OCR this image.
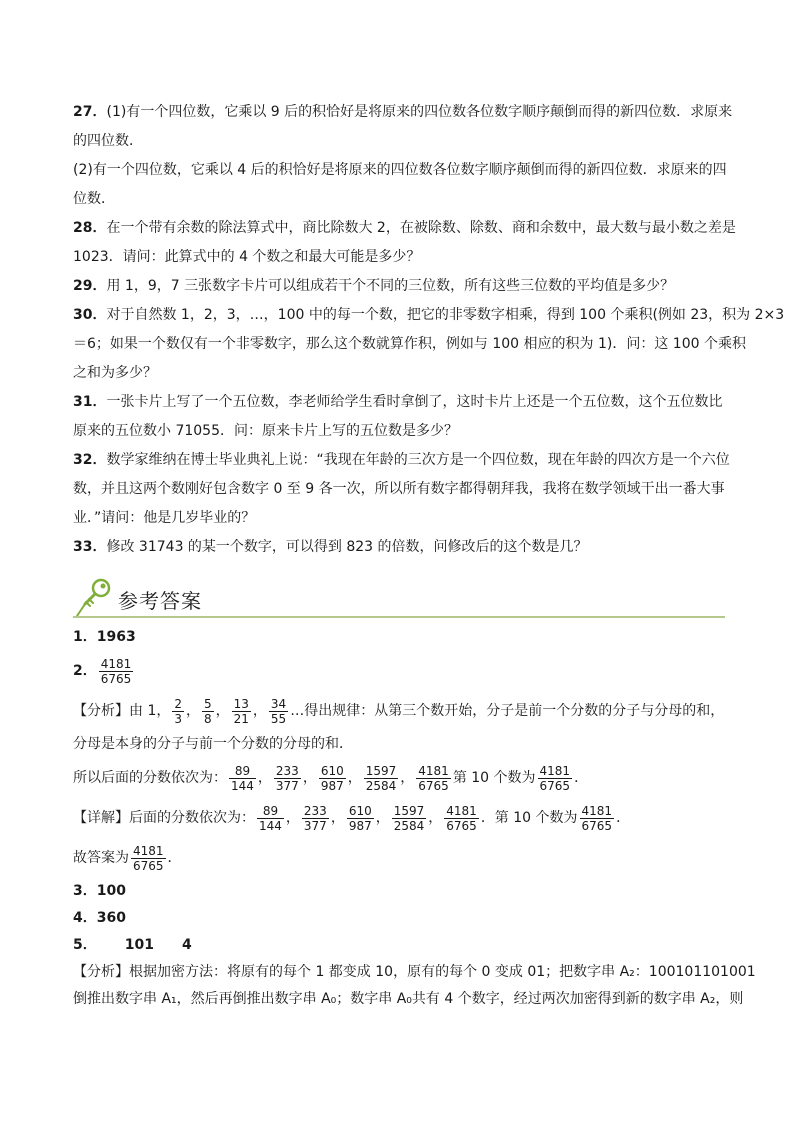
27．(1)有一个四位数，它乘以 9 后的积恰好是将原来的四位数各位数字顺序颠倒而得的新四位数．求原来
的四位数．
(2)有一个四位数，它乘以 4 后的积恰好是将原来的四位数各位数字顺序颠倒而得的新四位数．求原来的四
位数．
28．在一个带有余数的除法算式中，商比除数大 2，在被除数、除数、商和余数中，最大数与最小数之差是
1023．请问：此算式中的 4 个数之和最大可能是多少？
29．用 1，9，7 三张数字卡片可以组成若干个不同的三位数，所有这些三位数的平均值是多少？
30．对于自然数 1，2，3，…，100 中的每一个数，把它的非零数字相乘，得到 100 个乘积(例如 23，积为 2×3
＝6；如果一个数仅有一个非零数字，那么这个数就算作积，例如与 100 相应的积为 1)．问：这 100 个乘积
之和为多少？
31．一张卡片上写了一个五位数，李老师给学生看时拿倒了，这时卡片上还是一个五位数，这个五位数比
原来的五位数小 71055．问：原来卡片上写的五位数是多少？
32．数学家维纳在博士毕业典礼上说：“我现在年龄的三次方是一个四位数，现在年龄的四次方是一个六位
数，并且这两个数刚好包含数字 0 至 9 各一次，所以所有数字都得朝拜我，我将在数学领域干出一番大事
业．”请问：他是几岁毕业的？
33．修改 31743 的某一个数字，可以得到 823 的倍数，问修改后的这个数是几？
参考答案
1．1963
2． $\frac{4181}{6765}$
【分析】由 1， $\frac{2}{3}$ ， $\frac{5}{8}$ ， $\frac{13}{21}$ ， $\frac{34}{55}$ …得出规律：从第三个数开始，分子是前一个分数的分子与分母的和，
分母是本身的分子与前一个分数的分母的和．
所以后面的分数依次为： $\frac{89}{144}$ ， $\frac{233}{377}$ ， $\frac{610}{987}$ ， $\frac{1597}{2584}$ ， $\frac{4181}{6765}$ 第 10 个数为 $\frac{4181}{6765}$ ．
【详解】后面的分数依次为： $\frac{89}{144}$ ， $\frac{233}{377}$ ， $\frac{610}{987}$ ， $\frac{1597}{2584}$ ， $\frac{4181}{6765}$ ．第 10 个数为 $\frac{4181}{6765}$ ．
故答案为 $\frac{4181}{6765}$ ．
3．100
4．360
5． 101 4
【分析】根据加密方法：将原有的每个 1 都变成 10，原有的每个 0 变成 01；把数字串 A₂：100101101001
倒推出数字串 A₁，然后再倒推出数字串 A₀；数字串 A₀共有 4 个数字，经过两次加密得到新的数字串 A₂，则
